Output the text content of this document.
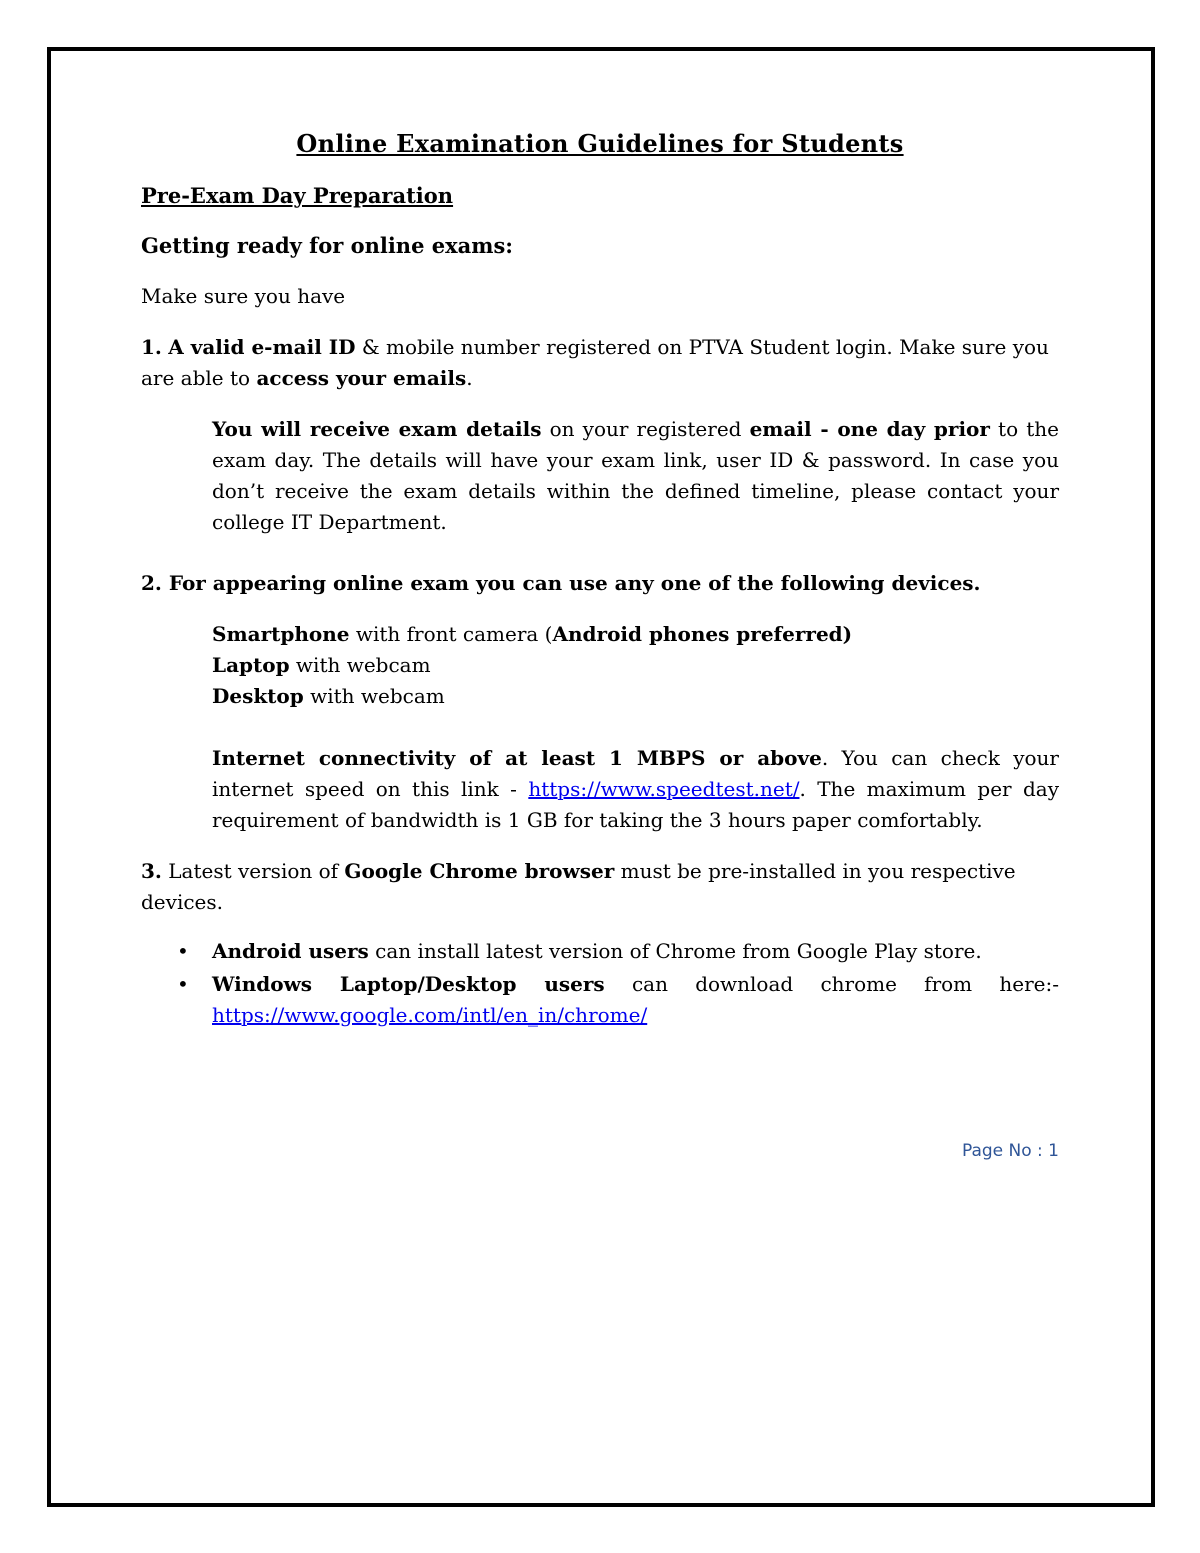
Online Examination Guidelines for Students

Pre-Exam Day Preparation

Getting ready for online exams:

Make sure you have

1. A valid e-mail ID & mobile number registered on PTVA Student login. Make sure you are able to access your emails.

You will receive exam details on your registered email - one day prior to the exam day. The details will have your exam link, user ID & password. In case you don’t receive the exam details within the defined timeline, please contact your college IT Department.

2. For appearing online exam you can use any one of the following devices.

Smartphone with front camera (Android phones preferred)

Laptop with webcam

Desktop with webcam

Internet connectivity of at least 1 MBPS or above. You can check your internet speed on this link - https://www.speedtest.net/. The maximum per day requirement of bandwidth is 1 GB for taking the 3 hours paper comfortably.

3. Latest version of Google Chrome browser must be pre-installed in you respective devices.

• Android users can install latest version of Chrome from Google Play store.
• Windows Laptop/Desktop users can download chrome from here:- https://www.google.com/intl/en_in/chrome/
Page No : 1
